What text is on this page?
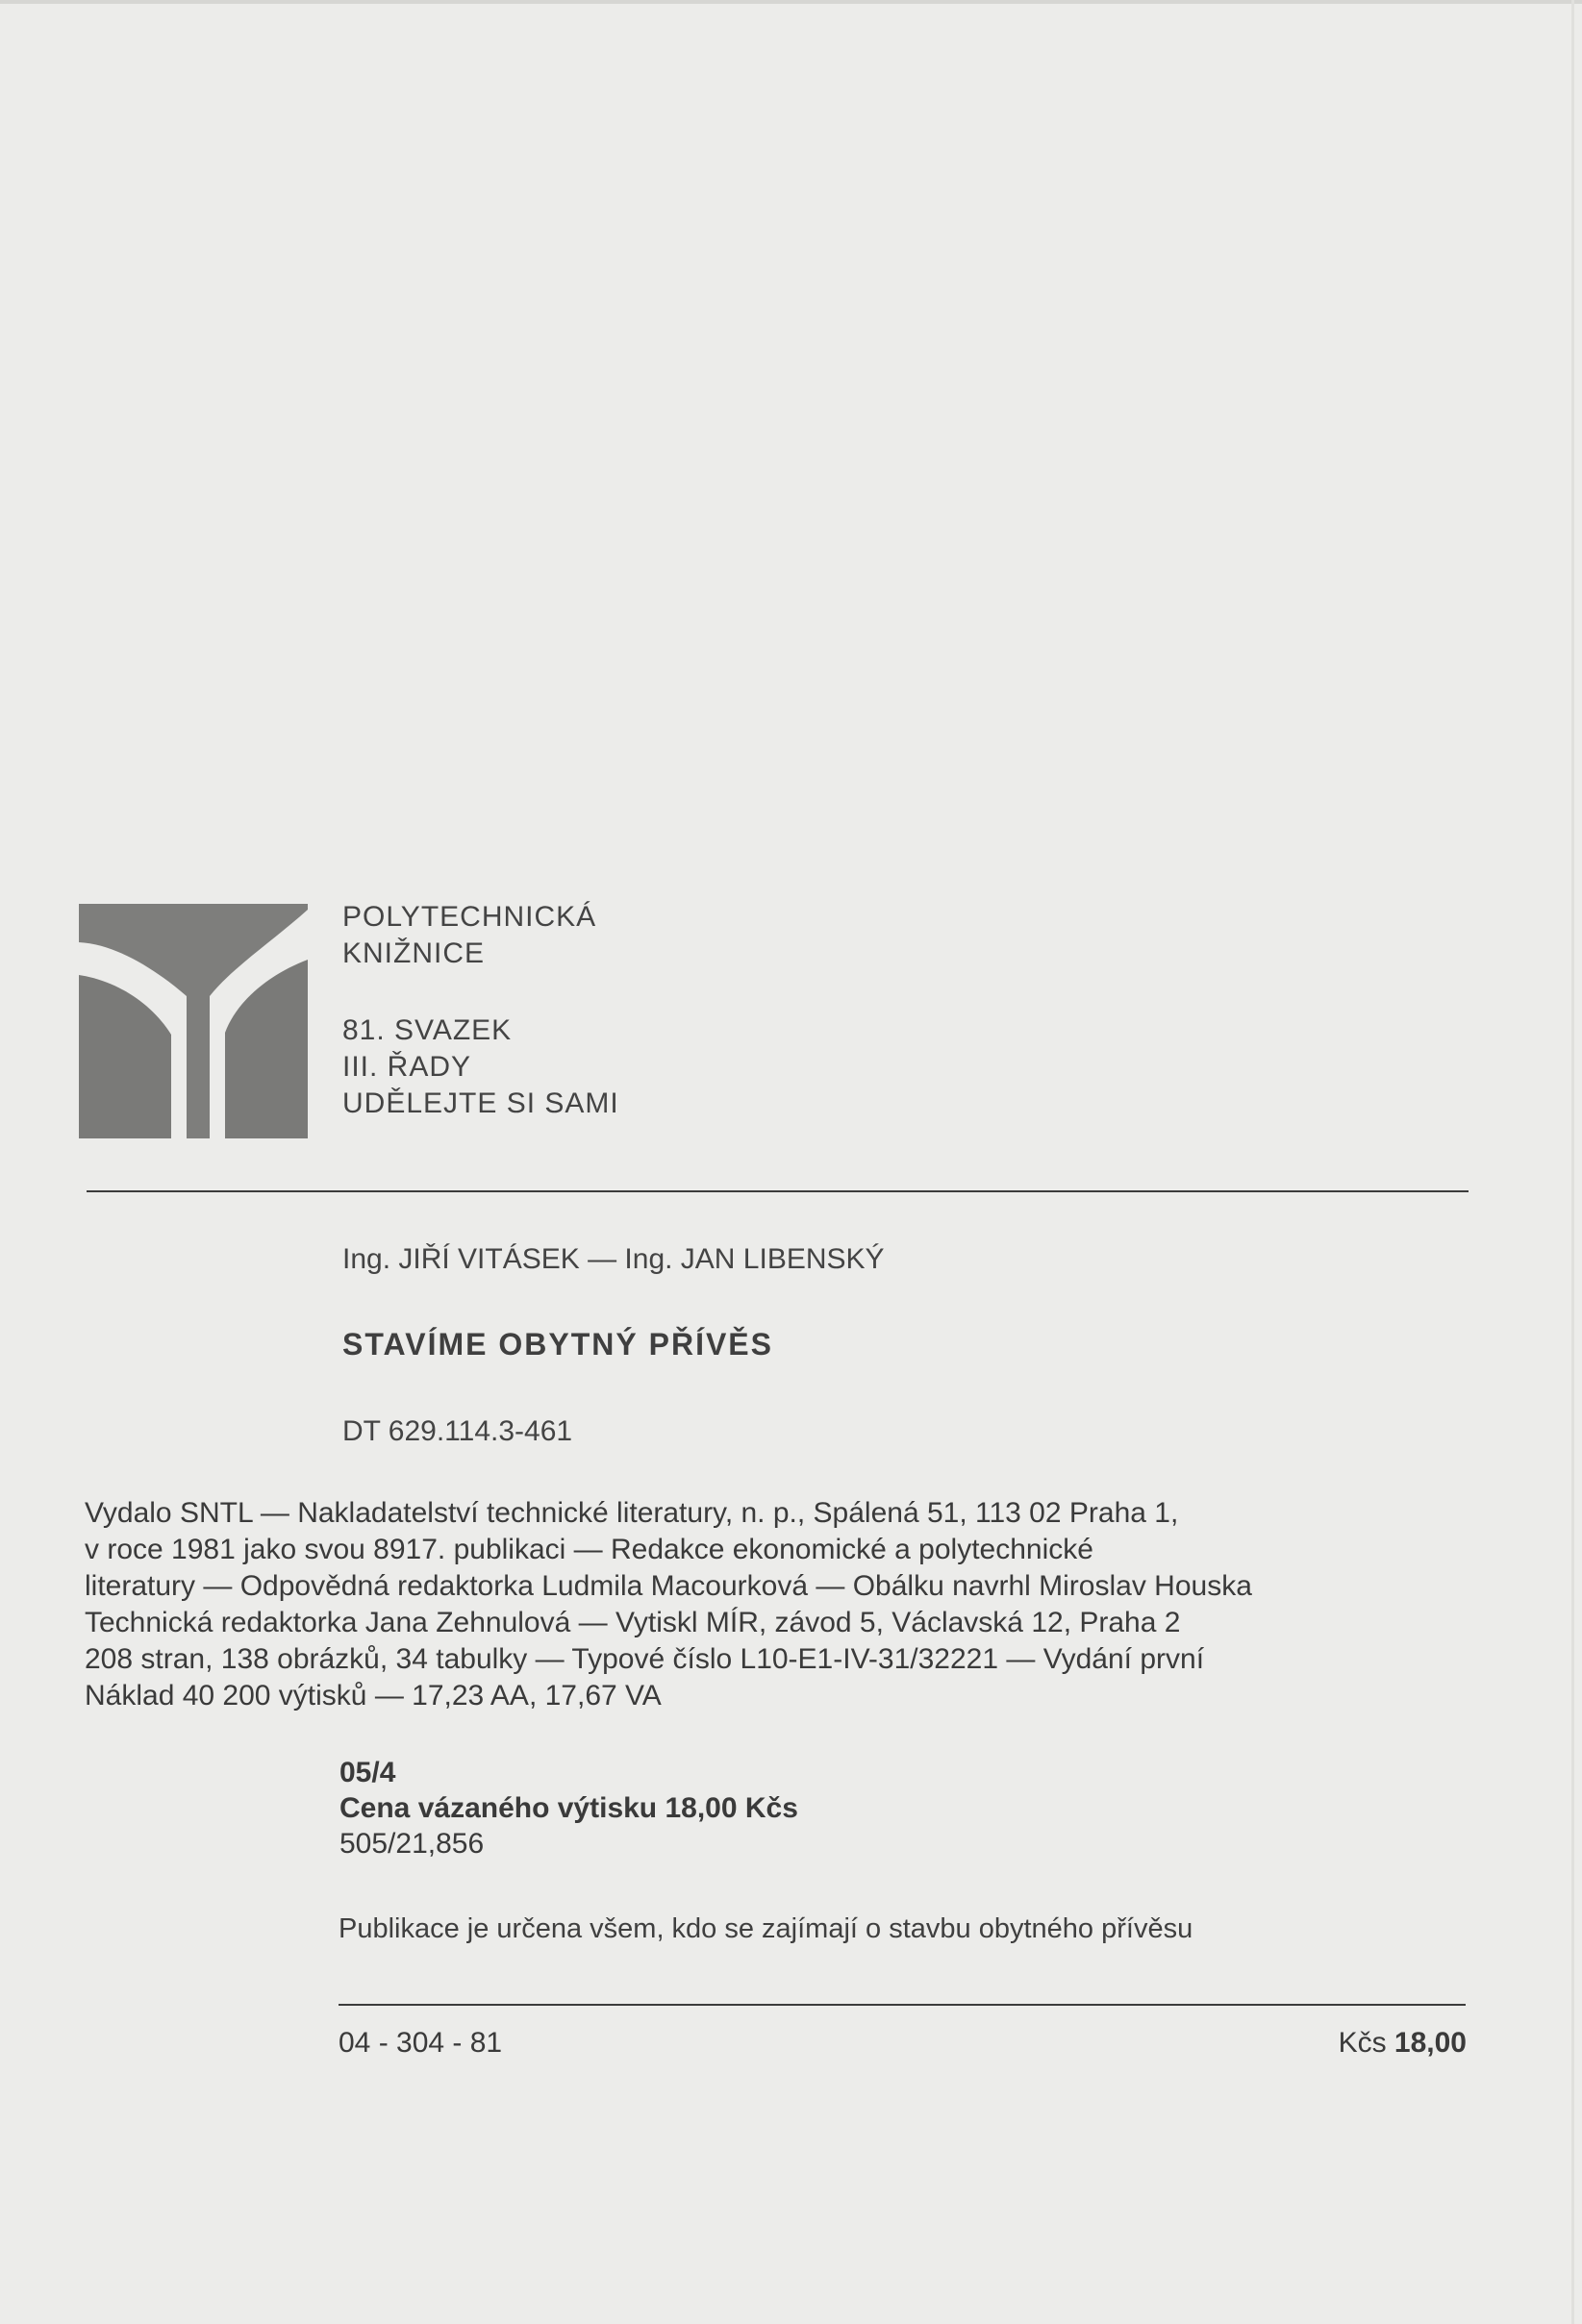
POLYTECHNICKÁ
KNIŽNICE
81. SVAZEK
III. ŘADY
UDĚLEJTE SI SAMI
Ing. JIŘÍ VITÁSEK — Ing. JAN LIBENSKÝ
STAVÍME OBYTNÝ PŘÍVĚS
DT 629.114.3-461
Vydalo SNTL — Nakladatelství technické literatury, n. p., Spálená 51, 113 02 Praha 1,
v roce 1981 jako svou 8917. publikaci — Redakce ekonomické a polytechnické
literatury — Odpovědná redaktorka Ludmila Macourková — Obálku navrhl Miroslav Houska
Technická redaktorka Jana Zehnulová — Vytiskl MÍR, závod 5, Václavská 12, Praha 2
208 stran, 138 obrázků, 34 tabulky — Typové číslo L10-E1-IV-31/32221 — Vydání první
Náklad 40 200 výtisků — 17,23 AA, 17,67 VA
05/4
Cena vázaného výtisku 18,00 Kčs
505/21,856
Publikace je určena všem, kdo se zajímají o stavbu obytného přívěsu
04 - 304 - 81	Kčs 18,00
